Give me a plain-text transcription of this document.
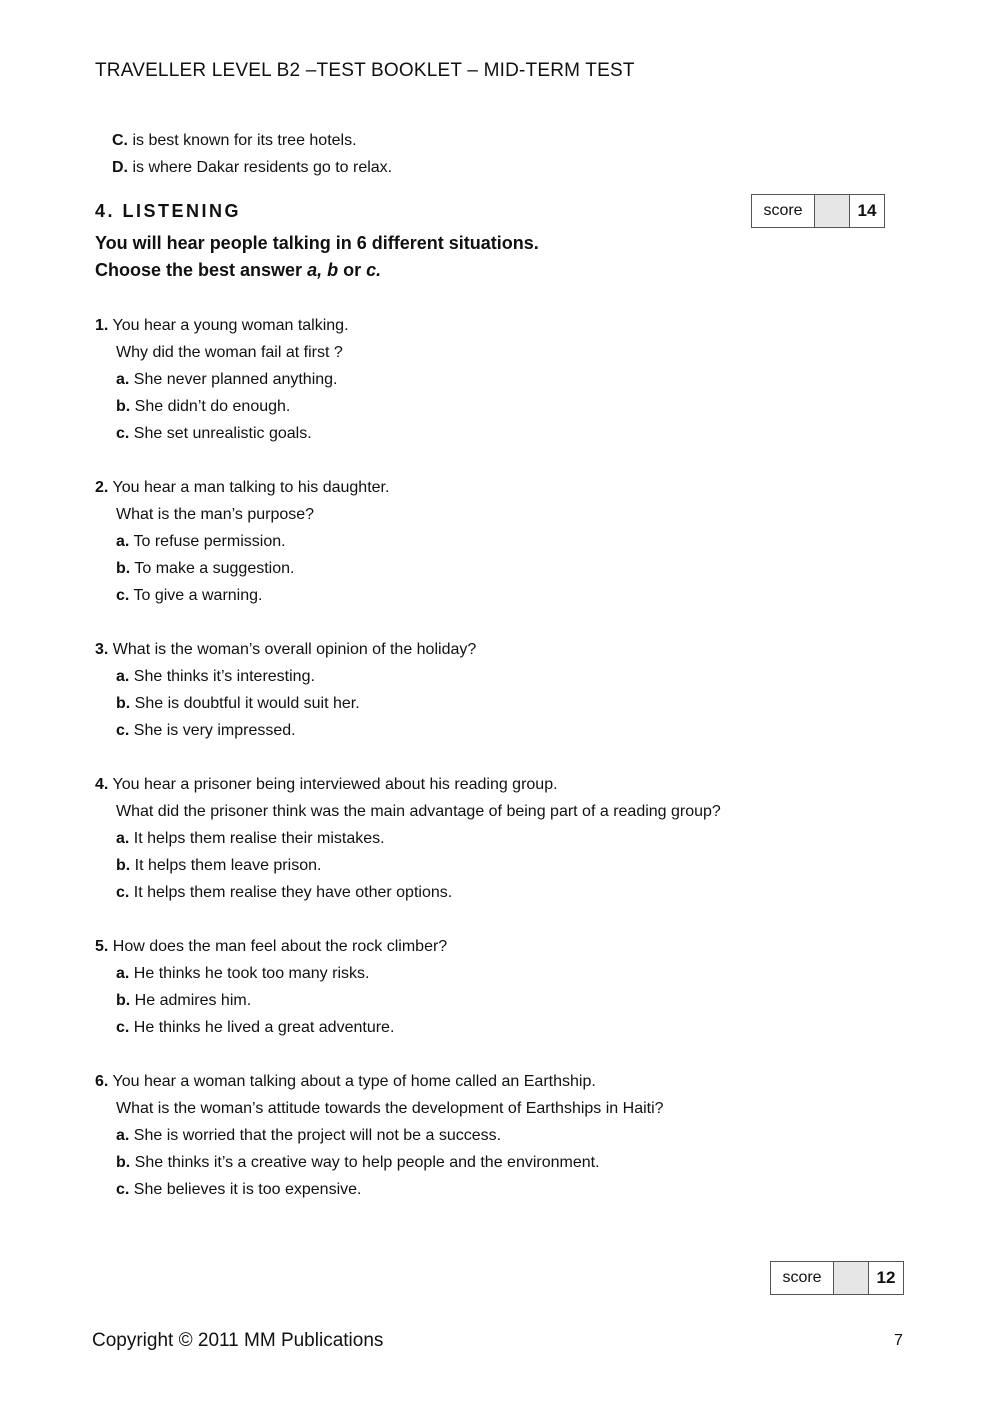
TRAVELLER LEVEL B2 –TEST BOOKLET – MID-TERM TEST
C. is best known for its tree hotels.
D. is where Dakar residents go to relax.
4. LISTENING
You will hear people talking in 6 different situations.
Choose the best answer a, b or c.
score	14
1. You hear a young woman talking.
Why did the woman fail at first ?
a. She never planned anything.
b. She didn’t do enough.
c. She set unrealistic goals.
2. You hear a man talking to his daughter.
What is the man’s purpose?
a. To refuse permission.
b. To make a suggestion.
c. To give a warning.
3. What is the woman’s overall opinion of the holiday?
a. She thinks it’s interesting.
b. She is doubtful it would suit her.
c. She is very impressed.
4. You hear a prisoner being interviewed about his reading group.
What did the prisoner think was the main advantage of being part of a reading group?
a. It helps them realise their mistakes.
b. It helps them leave prison.
c. It helps them realise they have other options.
5. How does the man feel about the rock climber?
a. He thinks he took too many risks.
b. He admires him.
c. He thinks he lived a great adventure.
6. You hear a woman talking about a type of home called an Earthship.
What is the woman’s attitude towards the development of Earthships in Haiti?
a. She is worried that the project will not be a success.
b. She thinks it’s a creative way to help people and the environment.
c. She believes it is too expensive.
score	12
Copyright © 2011 MM Publications	7
